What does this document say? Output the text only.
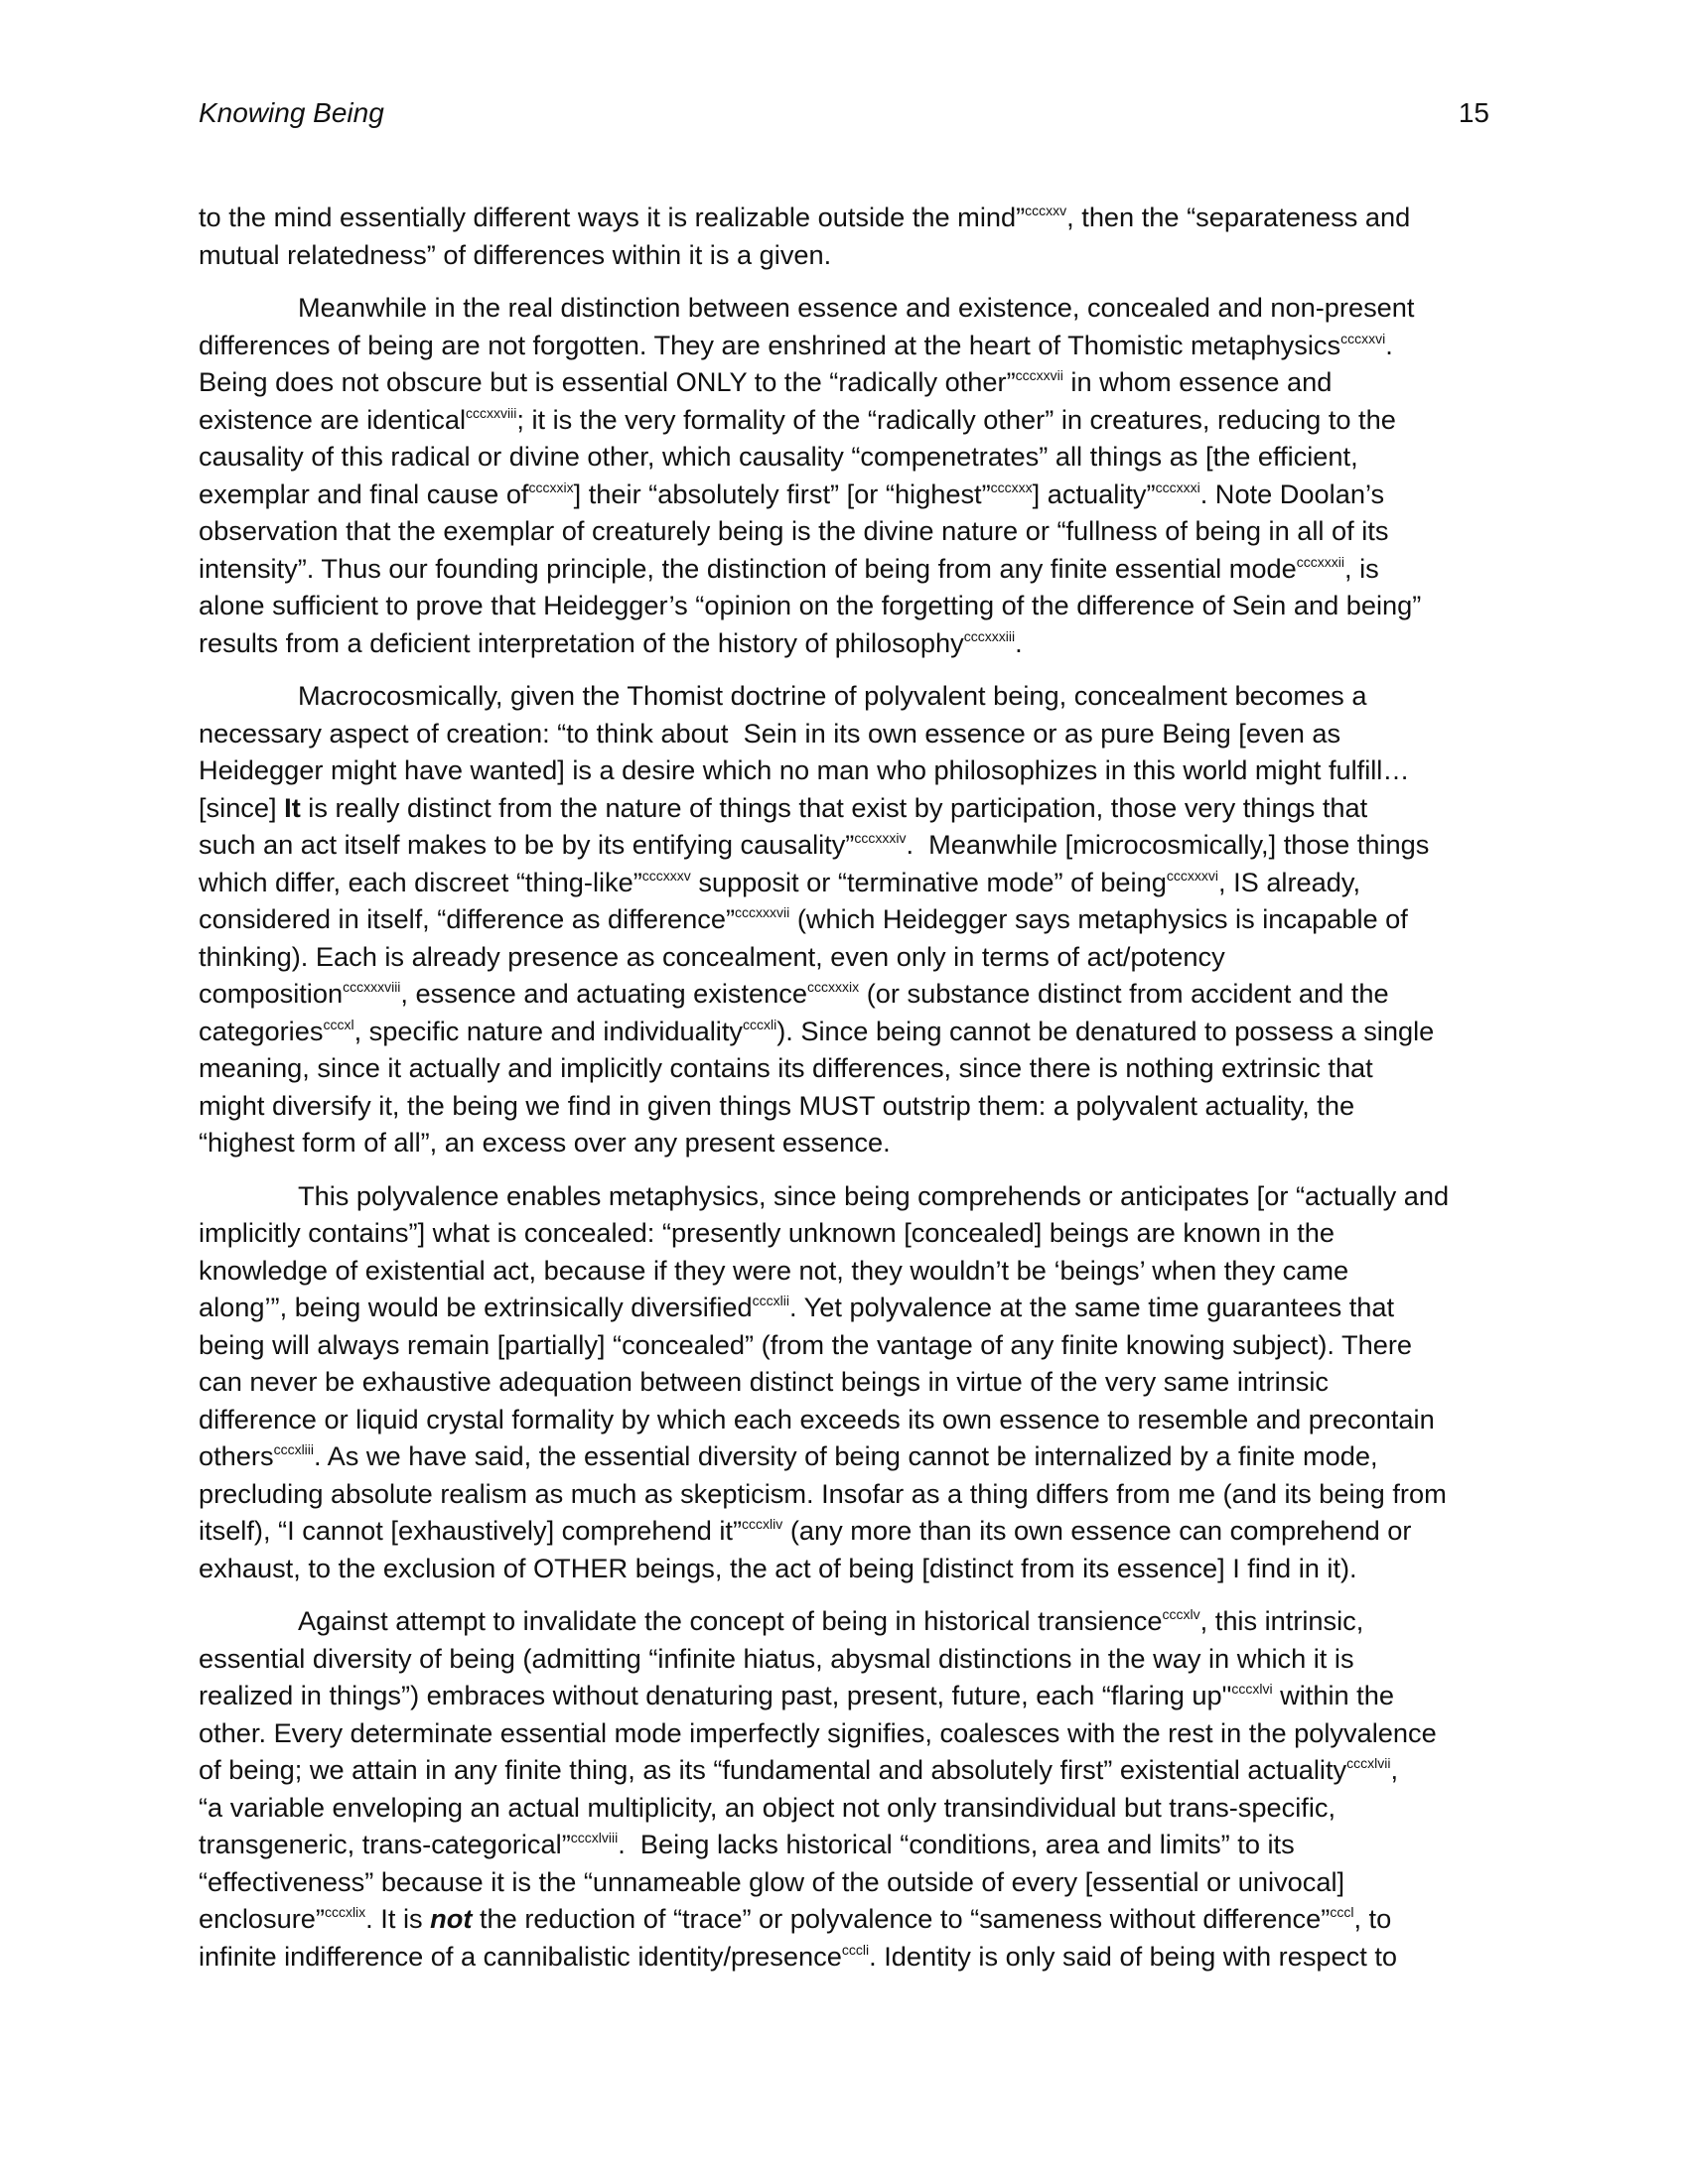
Knowing Being	15
to the mind essentially different ways it is realizable outside the mind”$^{cccxxv}$, then the “separateness and
mutual relatedness” of differences within it is a given.
Meanwhile in the real distinction between essence and existence, concealed and non-present
differences of being are not forgotten. They are enshrined at the heart of Thomistic metaphysics$^{cccxxvi}$.
Being does not obscure but is essential ONLY to the “radically other”$^{cccxxvii}$ in whom essence and
existence are identical$^{cccxxviii}$; it is the very formality of the “radically other” in creatures, reducing to the
causality of this radical or divine other, which causality “compenetrates” all things as [the efficient,
exemplar and final cause $of^{cccxxix}$] their “absolutely first” [or “highest”$^{cccxxx}$] actuality”$^{cccxxxi}$. Note Doolan’s
observation that the exemplar of creaturely being is the divine nature or “fullness of being in all of its
intensity”. Thus our founding principle, the distinction of being from any finite essential mode$^{cccxxxii}$, is
alone sufficient to prove that Heidegger’s “opinion on the forgetting of the difference of Sein and being”
results from a deficient interpretation of the history of philosophy$^{cccxxxiii}$.
Macrocosmically, given the Thomist doctrine of polyvalent being, concealment becomes a
necessary aspect of creation: “to think about  Sein in its own essence or as pure Being [even as
Heidegger might have wanted] is a desire which no man who philosophizes in this world might fulfill…
[since] It is really distinct from the nature of things that exist by participation, those very things that
such an act itself makes to be by its entifying causality”$^{cccxxxiv}$.  Meanwhile [microcosmically,] those things
which differ, each discreet “thing-like”$^{cccxxxv}$ supposit or “terminative mode” of being$^{cccxxxvi}$, IS already,
considered in itself, “difference as difference”$^{cccxxxvii}$ (which Heidegger says metaphysics is incapable of
thinking). Each is already presence as concealment, even only in terms of act/potency
composition$^{cccxxxviii}$, essence and actuating existence$^{cccxxxix}$ (or substance distinct from accident and the
categories$^{cccxl}$, specific nature and individuality$^{cccxli}$). Since being cannot be denatured to possess a single
meaning, since it actually and implicitly contains its differences, since there is nothing extrinsic that
might diversify it, the being we find in given things MUST outstrip them: a polyvalent actuality, the
“highest form of all”, an excess over any present essence.
This polyvalence enables metaphysics, since being comprehends or anticipates [or “actually and
implicitly contains”] what is concealed: “presently unknown [concealed] beings are known in the
knowledge of existential act, because if they were not, they wouldn’t be ‘beings’ when they came
along’”, being would be extrinsically diversified$^{cccxlii}$. Yet polyvalence at the same time guarantees that
being will always remain [partially] “concealed” (from the vantage of any finite knowing subject). There
can never be exhaustive adequation between distinct beings in virtue of the very same intrinsic
difference or liquid crystal formality by which each exceeds its own essence to resemble and precontain
others$^{cccxliii}$. As we have said, the essential diversity of being cannot be internalized by a finite mode,
precluding absolute realism as much as skepticism. Insofar as a thing differs from me (and its being from
itself), “I cannot [exhaustively] comprehend it”$^{cccxliv}$ (any more than its own essence can comprehend or
exhaust, to the exclusion of OTHER beings, the act of being [distinct from its essence] I find in it).
Against attempt to invalidate the concept of being in historical transience$^{cccxlv}$, this intrinsic,
essential diversity of being (admitting “infinite hiatus, abysmal distinctions in the way in which it is
realized in things”) embraces without denaturing past, present, future, each “flaring up"$^{cccxlvi}$ within the
other. Every determinate essential mode imperfectly signifies, coalesces with the rest in the polyvalence
of being; we attain in any finite thing, as its “fundamental and absolutely first” existential actuality$^{cccxlvii}$,
“a variable enveloping an actual multiplicity, an object not only transindividual but trans-specific,
transgeneric, trans-categorical”$^{cccxlviii}$.  Being lacks historical “conditions, area and limits” to its
“effectiveness” because it is the “unnameable glow of the outside of every [essential or univocal]
enclosure”$^{cccxlix}$. It is not the reduction of “trace” or polyvalence to “sameness without difference”$^{cccl}$, to
infinite indifference of a cannibalistic identity/presence$^{cccli}$. Identity is only said of being with respect to
